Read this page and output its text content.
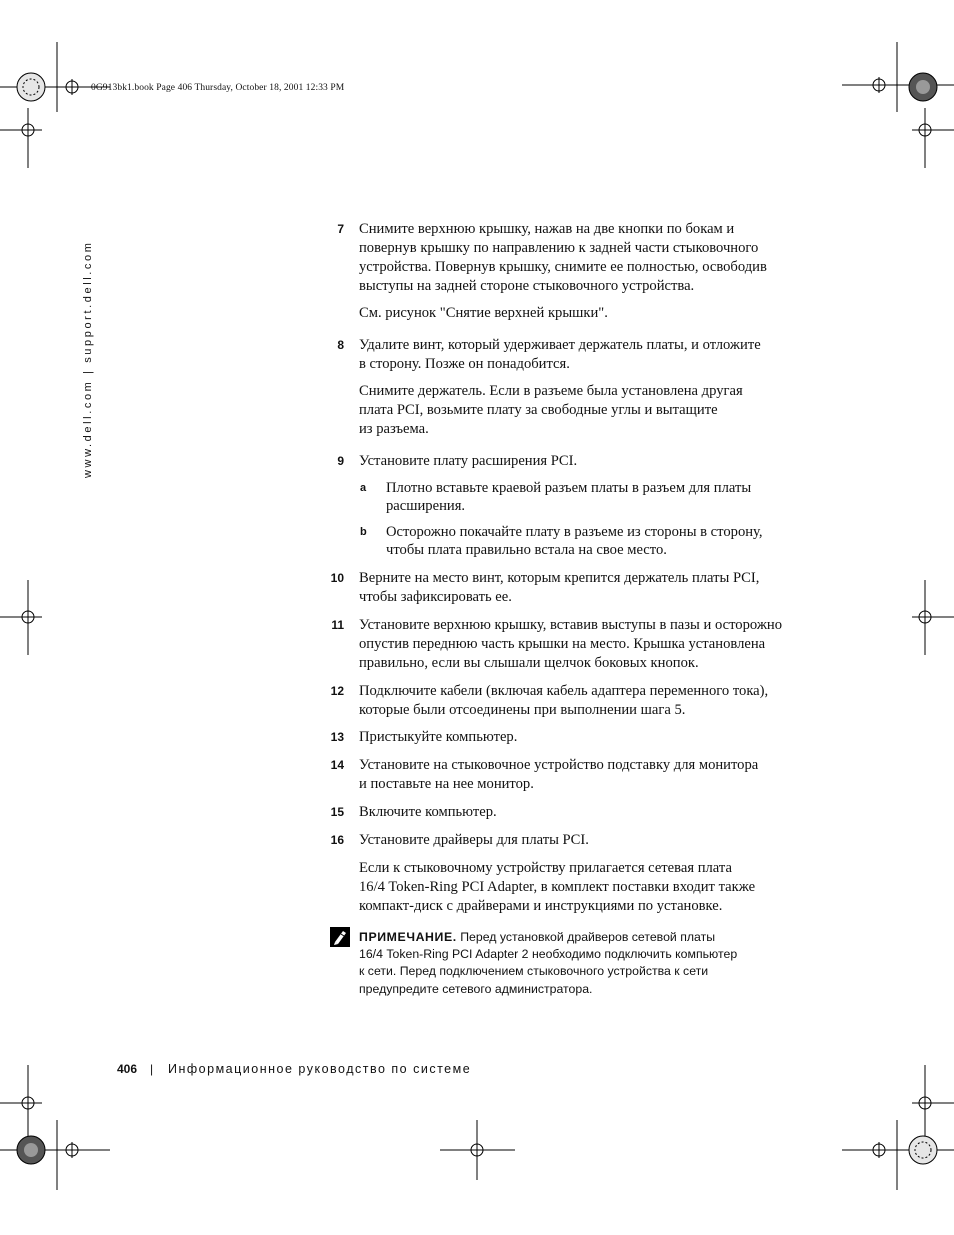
0G913bk1.book Page 406 Thursday, October 18, 2001 12:33 PM
www.dell.com | support.dell.com
7 Снимите верхнюю крышку, нажав на две кнопки по бокам и
повернув крышку по направлению к задней части стыковочного
устройства. Повернув крышку, снимите ее полностью, освободив
выступы на задней стороне стыковочного устройства.
См. рисунок "Снятие верхней крышки".
8 Удалите винт, который удерживает держатель платы, и отложите
в сторону. Позже он понадобится.
Снимите держатель. Если в разъеме была установлена другая
плата PCI, возьмите плату за свободные углы и вытащите
из разъема.
9 Установите плату расширения PCI.
a Плотно вставьте краевой разъем платы в разъем для платы
расширения.
b Осторожно покачайте плату в разъеме из стороны в сторону,
чтобы плата правильно встала на свое место.
10 Верните на место винт, которым крепится держатель платы PCI,
чтобы зафиксировать ее.
11 Установите верхнюю крышку, вставив выступы в пазы и осторожно
опустив переднюю часть крышки на место. Крышка установлена
правильно, если вы слышали щелчок боковых кнопок.
12 Подключите кабели (включая кабель адаптера переменного тока),
которые были отсоединены при выполнении шага 5.
13 Пристыкуйте компьютер.
14 Установите на стыковочное устройство подставку для монитора
и поставьте на нее монитор.
15 Включите компьютер.
16 Установите драйверы для платы PCI.
Если к стыковочному устройству прилагается сетевая плата
16/4 Token-Ring PCI Adapter, в комплект поставки входит также
компакт-диск с драйверами и инструкциями по установке.
ПРИМЕЧАНИЕ. Перед установкой драйверов сетевой платы
16/4 Token-Ring PCI Adapter 2 необходимо подключить компьютер
к сети. Перед подключением стыковочного устройства к сети
предупредите сетевого администратора.
406 | Информационное руководство по системе
